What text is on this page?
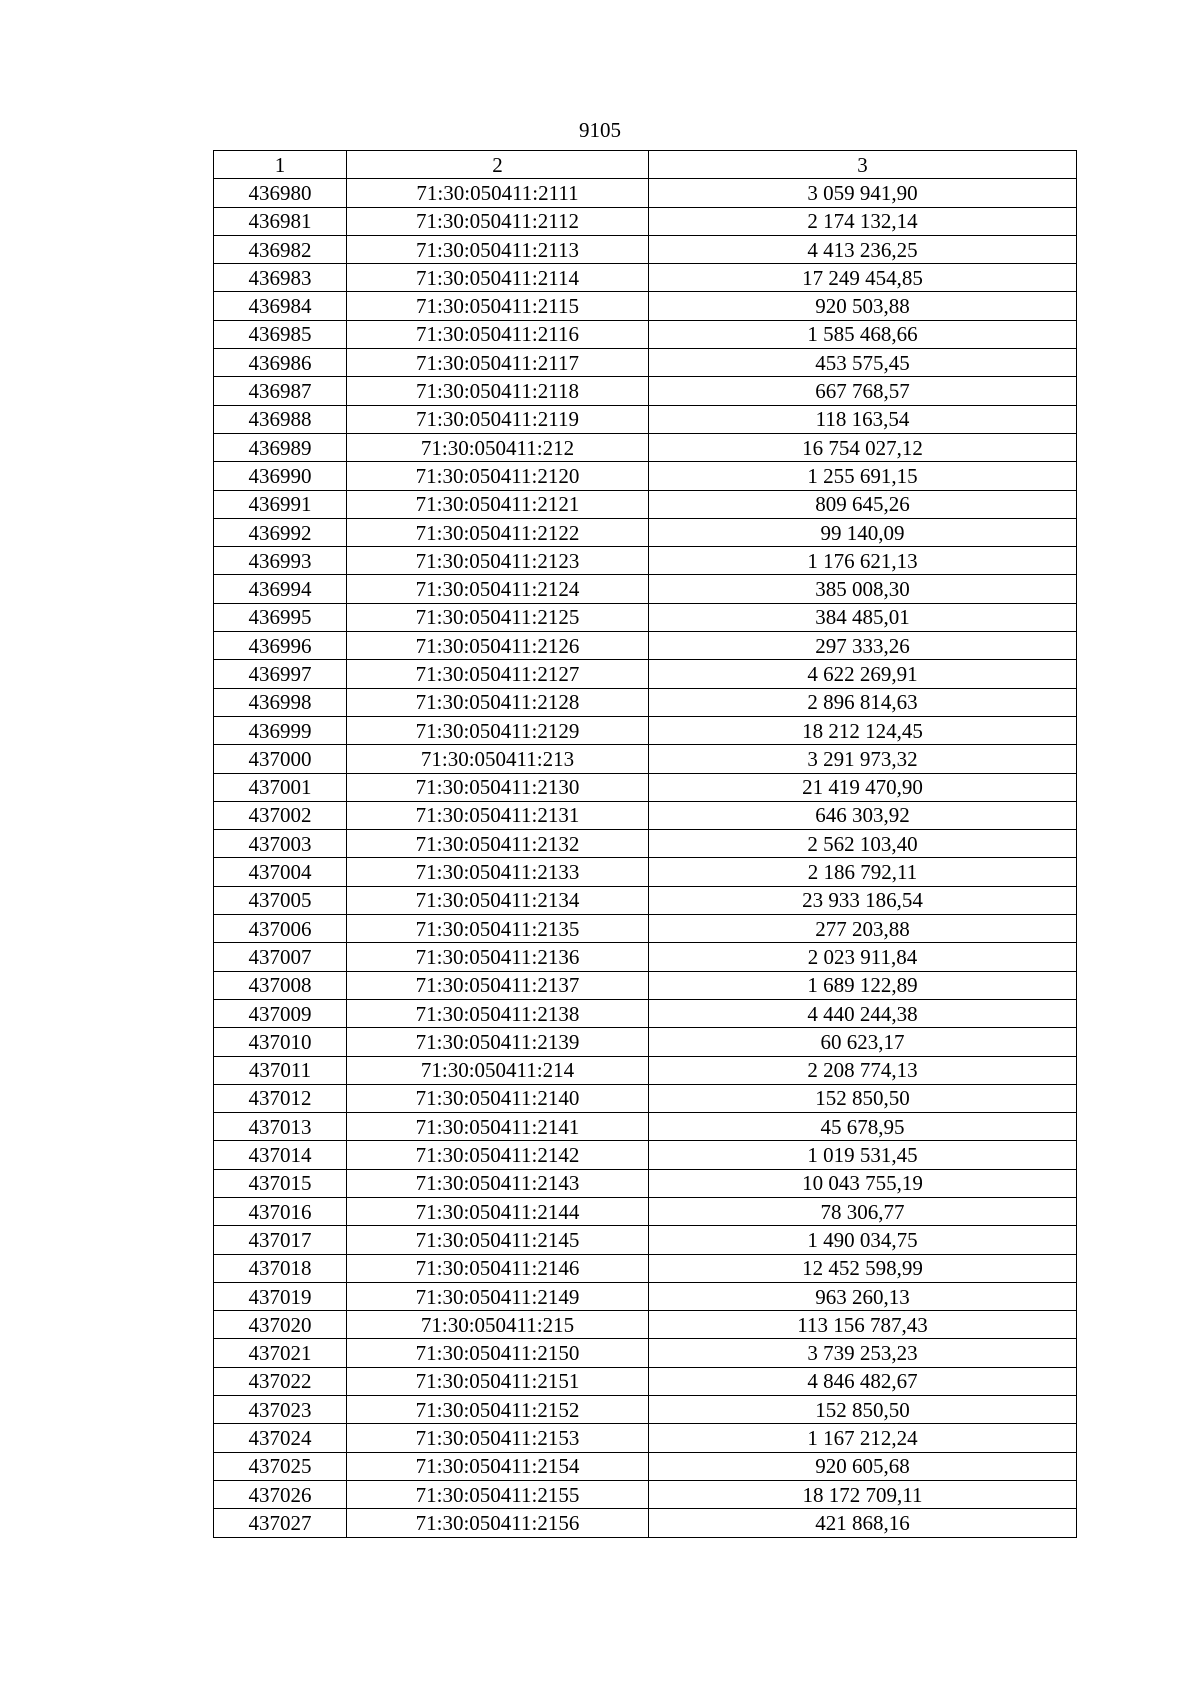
9105
1	2	3
436980	71:30:050411:2111	3 059 941,90
436981	71:30:050411:2112	2 174 132,14
436982	71:30:050411:2113	4 413 236,25
436983	71:30:050411:2114	17 249 454,85
436984	71:30:050411:2115	920 503,88
436985	71:30:050411:2116	1 585 468,66
436986	71:30:050411:2117	453 575,45
436987	71:30:050411:2118	667 768,57
436988	71:30:050411:2119	118 163,54
436989	71:30:050411:212	16 754 027,12
436990	71:30:050411:2120	1 255 691,15
436991	71:30:050411:2121	809 645,26
436992	71:30:050411:2122	99 140,09
436993	71:30:050411:2123	1 176 621,13
436994	71:30:050411:2124	385 008,30
436995	71:30:050411:2125	384 485,01
436996	71:30:050411:2126	297 333,26
436997	71:30:050411:2127	4 622 269,91
436998	71:30:050411:2128	2 896 814,63
436999	71:30:050411:2129	18 212 124,45
437000	71:30:050411:213	3 291 973,32
437001	71:30:050411:2130	21 419 470,90
437002	71:30:050411:2131	646 303,92
437003	71:30:050411:2132	2 562 103,40
437004	71:30:050411:2133	2 186 792,11
437005	71:30:050411:2134	23 933 186,54
437006	71:30:050411:2135	277 203,88
437007	71:30:050411:2136	2 023 911,84
437008	71:30:050411:2137	1 689 122,89
437009	71:30:050411:2138	4 440 244,38
437010	71:30:050411:2139	60 623,17
437011	71:30:050411:214	2 208 774,13
437012	71:30:050411:2140	152 850,50
437013	71:30:050411:2141	45 678,95
437014	71:30:050411:2142	1 019 531,45
437015	71:30:050411:2143	10 043 755,19
437016	71:30:050411:2144	78 306,77
437017	71:30:050411:2145	1 490 034,75
437018	71:30:050411:2146	12 452 598,99
437019	71:30:050411:2149	963 260,13
437020	71:30:050411:215	113 156 787,43
437021	71:30:050411:2150	3 739 253,23
437022	71:30:050411:2151	4 846 482,67
437023	71:30:050411:2152	152 850,50
437024	71:30:050411:2153	1 167 212,24
437025	71:30:050411:2154	920 605,68
437026	71:30:050411:2155	18 172 709,11
437027	71:30:050411:2156	421 868,16
